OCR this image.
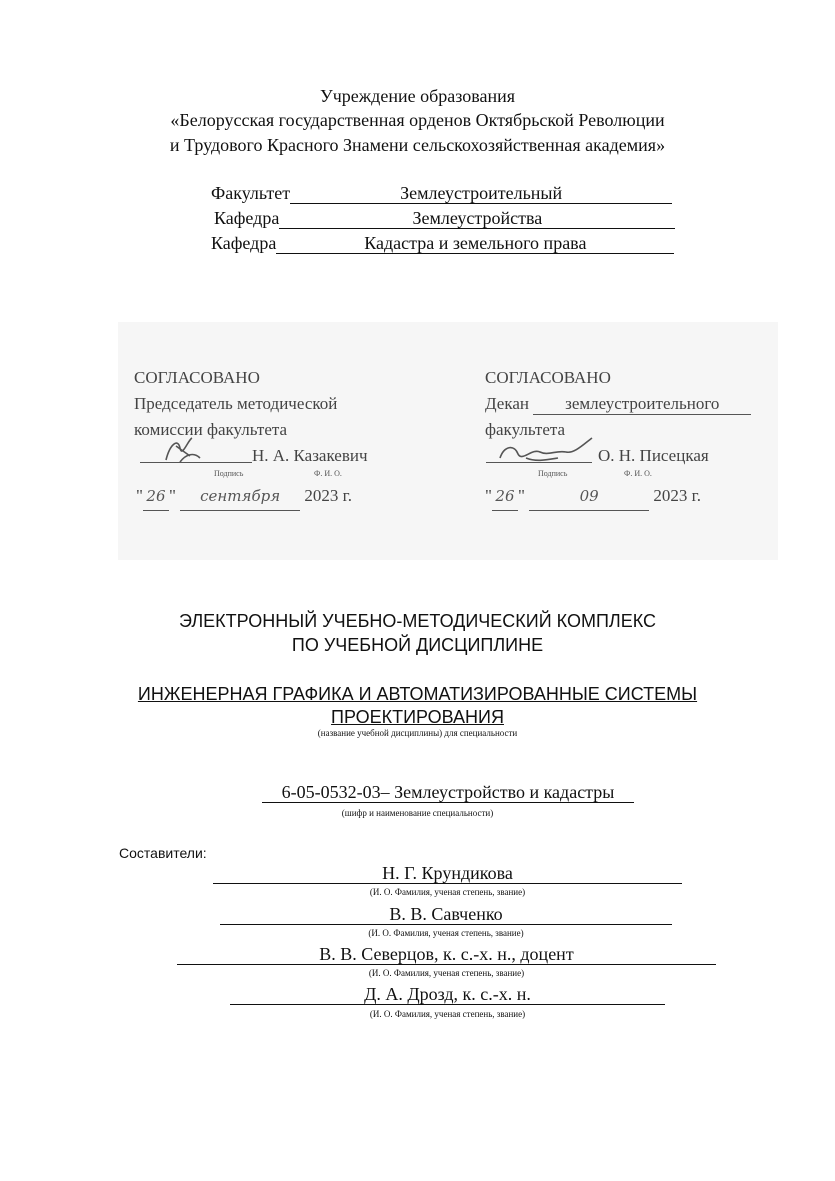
Учреждение образования
«Белорусская государственная орденов Октябрьской Революции
и Трудового Красного Знамени сельскохозяйственная академия»
Факультет	Землеустроительный
Кафедра	Землеустройства
Кафедра	Кадастра и земельного права
СОГЛАСОВАНО
Председатель методической
комиссии факультета
Н. А. Казакевич
Подпись	Ф. И. О.
" 26 " сентября 2023 г.
СОГЛАСОВАНО
Декан землеустроительного
факультета
О. Н. Писецкая
Подпись	Ф. И. О.
" 26 "	09	2023 г.
ЭЛЕКТРОННЫЙ УЧЕБНО-МЕТОДИЧЕСКИЙ КОМПЛЕКС
ПО УЧЕБНОЙ ДИСЦИПЛИНЕ
ИНЖЕНЕРНАЯ ГРАФИКА И АВТОМАТИЗИРОВАННЫЕ СИСТЕМЫ
ПРОЕКТИРОВАНИЯ
(название учебной дисциплины) для специальности
6-05-0532-03– Землеустройство и кадастры
(шифр и наименование специальности)
Составители:
Н. Г. Крундикова
(И. О. Фамилия, ученая степень, звание)
В. В. Савченко
(И. О. Фамилия, ученая степень, звание)
В. В. Северцов, к. с.-х. н., доцент
(И. О. Фамилия, ученая степень, звание)
Д. А. Дрозд, к. с.-х. н.
(И. О. Фамилия, ученая степень, звание)
